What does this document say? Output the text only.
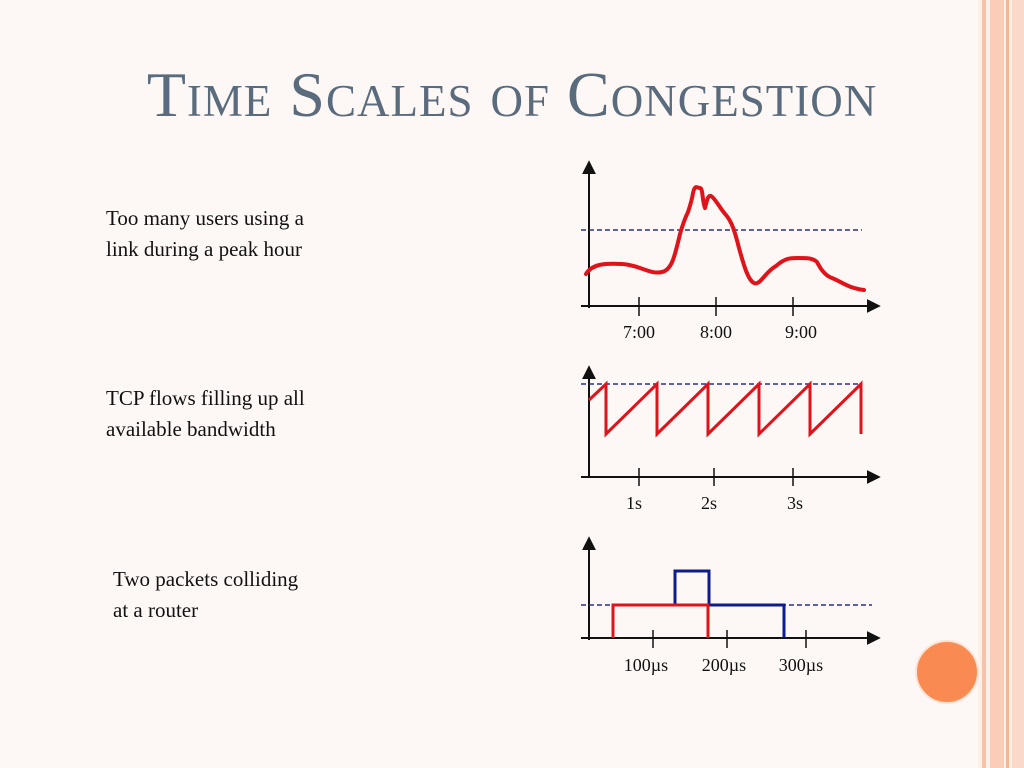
Time Scales of Congestion
Too many users using a
link during a peak hour
TCP flows filling up all
available bandwidth
Two packets colliding
at a router
7:00 8:00	9:00
1s	2s	3s
100µs 200µs 300µs
